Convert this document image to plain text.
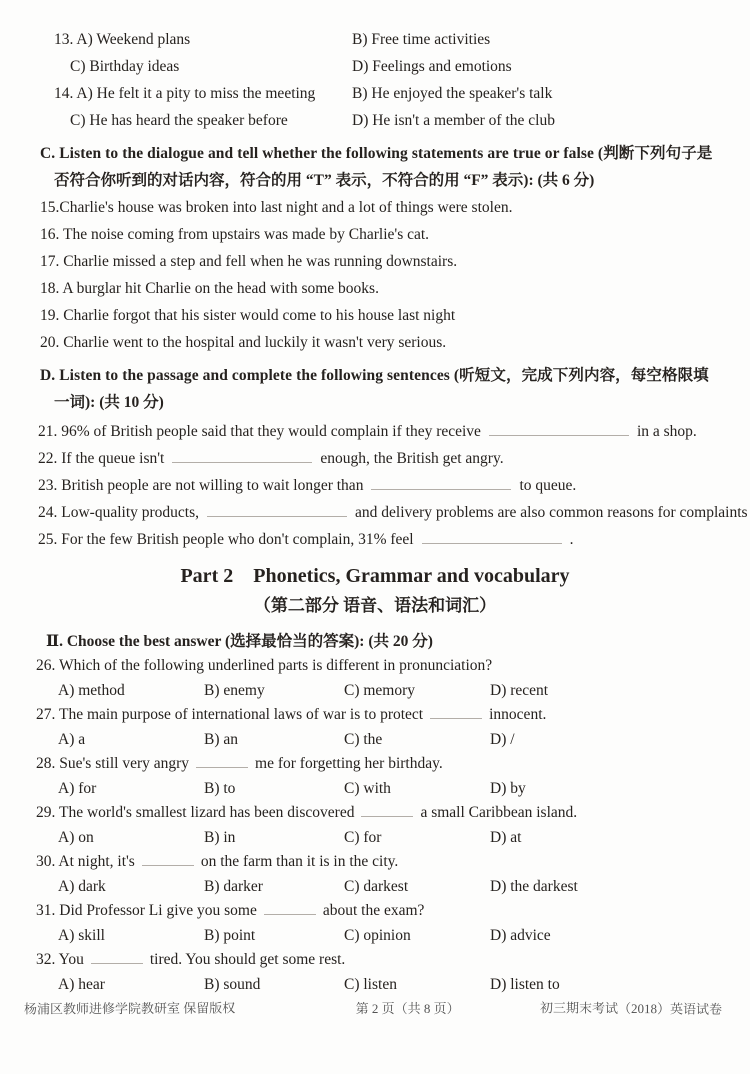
13. A) Weekend plans	B) Free time activities
C) Birthday ideas	D) Feelings and emotions
14. A) He felt it a pity to miss the meeting	B) He enjoyed the speaker's talk
C) He has heard the speaker before	D) He isn't a member of the club
C. Listen to the dialogue and tell whether the following statements are true or false (判断下列句子是
否符合你听到的对话内容，符合的用 “T” 表示，不符合的用 “F” 表示): (共 6 分)
15.Charlie's house was broken into last night and a lot of things were stolen.
16. The noise coming from upstairs was made by Charlie's cat.
17. Charlie missed a step and fell when he was running downstairs.
18. A burglar hit Charlie on the head with some books.
19. Charlie forgot that his sister would come to his house last night
20. Charlie went to the hospital and luckily it wasn't very serious.
D. Listen to the passage and complete the following sentences (听短文，完成下列内容，每空格限填
一词): (共 10 分)
21. 96% of British people said that they would complain if they receive	in a shop.
22. If the queue isn't	enough, the British get angry.
23. British people are not willing to wait longer than	to queue.
24. Low-quality products,	and delivery problems are also common reasons for complaints
25. For the few British people who don't complain, 31% feel	.
Part 2 Phonetics, Grammar and vocabulary
（第二部分 语音、语法和词汇）
Ⅱ. Choose the best answer (选择最恰当的答案): (共 20 分)
26. Which of the following underlined parts is different in pronunciation?
A) method	B) enemy	C) memory	D) recent
27. The main purpose of international laws of war is to protect	innocent.
A) a	B) an	C) the	D) /
28. Sue's still very angry	me for forgetting her birthday.
A) for	B) to	C) with	D) by
29. The world's smallest lizard has been discovered	a small Caribbean island.
A) on	B) in	C) for	D) at
30. At night, it's	on the farm than it is in the city.
A) dark	B) darker	C) darkest	D) the darkest
31. Did Professor Li give you some	about the exam?
A) skill	B) point	C) opinion	D) advice
32. You	tired. You should get some rest.
A) hear	B) sound	C) listen	D) listen to
杨浦区教师进修学院教研室 保留版权	第 2 页（共 8 页）	初三期末考试（2018）英语试卷
